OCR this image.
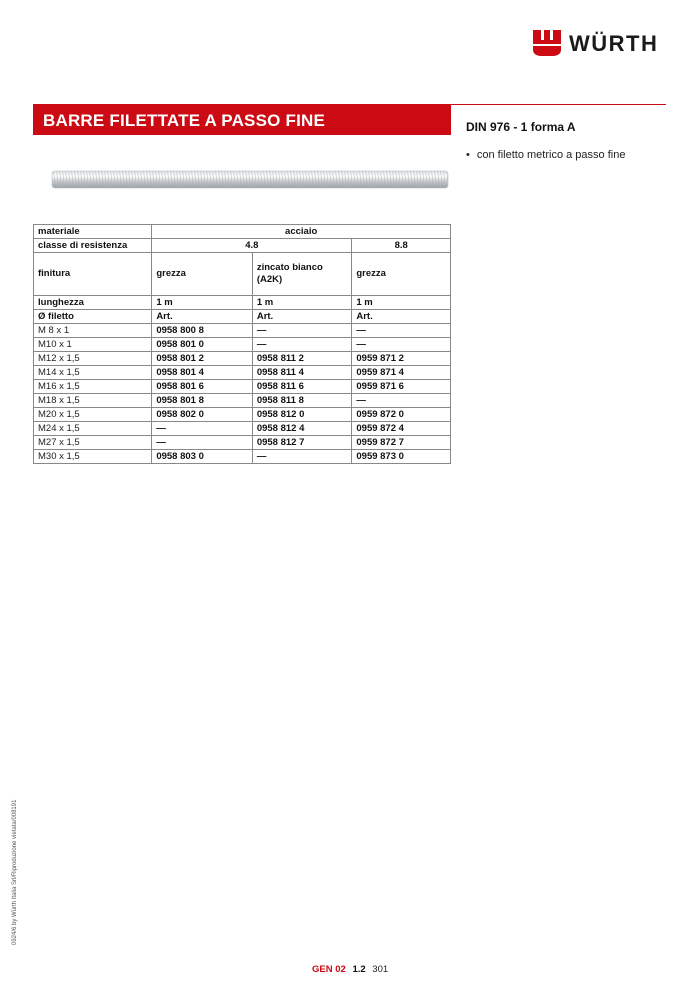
WÜRTH
BARRE FILETTATE A PASSO FINE	DIN 976 - 1 forma A
• con filetto metrico a passo fine
materiale	acciaio		
classe di resistenza	4.8		8.8
finitura	grezza	zincato bianco (A2K)	grezza
lunghezza	1 m	1 m	1 m
Ø filetto	Art.	Art.	Art.
M 8 x 1	0958 800 8	—	—
M10 x 1	0958 801 0	—	—
M12 x 1,5	0958 801 2	0958 811 2	0959 871 2
M14 x 1,5	0958 801 4	0958 811 4	0959 871 4
M16 x 1,5	0958 801 6	0958 811 6	0959 871 6
M18 x 1,5	0958 801 8	0958 811 8	—
M20 x 1,5	0958 802 0	0958 812 0	0959 872 0
M24 x 1,5	—	0958 812 4	0959 872 4
M27 x 1,5	—	0958 812 7	0959 872 7
M30 x 1,5	0958 803 0	—	0959 873 0
0924/6 by Würth Italia Srl/Riproduzione vietata/008191
GEN 02 1.2 301
